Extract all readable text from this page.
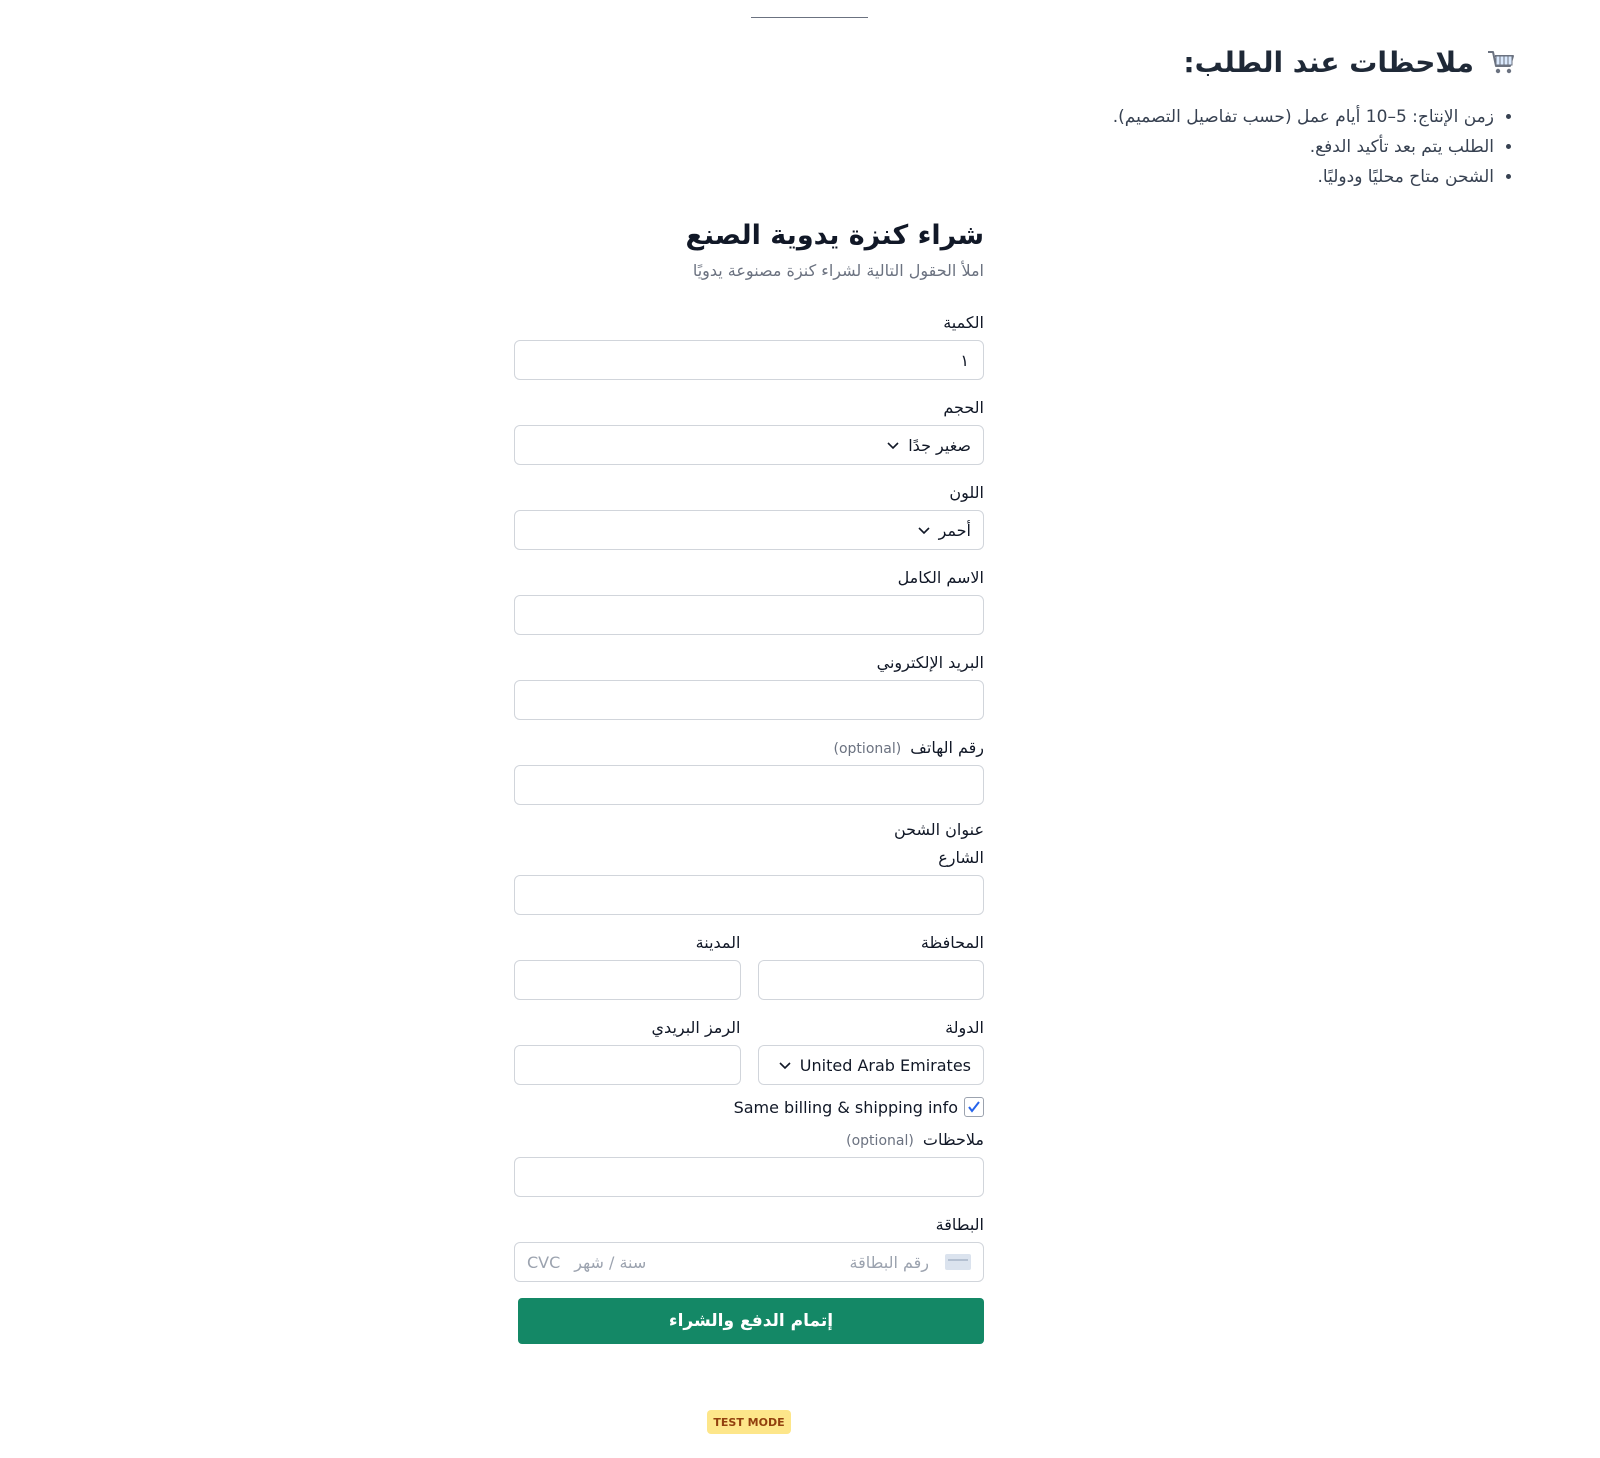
ملاحظات عند الطلب:
• زمن الإنتاج: 5–10 أيام عمل (حسب تفاصيل التصميم).
• الطلب يتم بعد تأكيد الدفع.
• الشحن متاح محليًا ودوليًا.
شراء كنزة يدوية الصنع
املأ الحقول التالية لشراء كنزة مصنوعة يدويًا
الكمية
١
الحجم
صغير جدًا
اللون
أحمر
الاسم الكامل
البريد الإلكتروني
رقم الهاتف (optional)
عنوان الشحن
الشارع
المحافظة
المدينة
الدولة
United Arab Emirates
الرمز البريدي
Same billing & shipping info
ملاحظات (optional)
البطاقة
رقم البطاقة
سنة / شهر
CVC
إتمام الدفع والشراء
TEST MODE
